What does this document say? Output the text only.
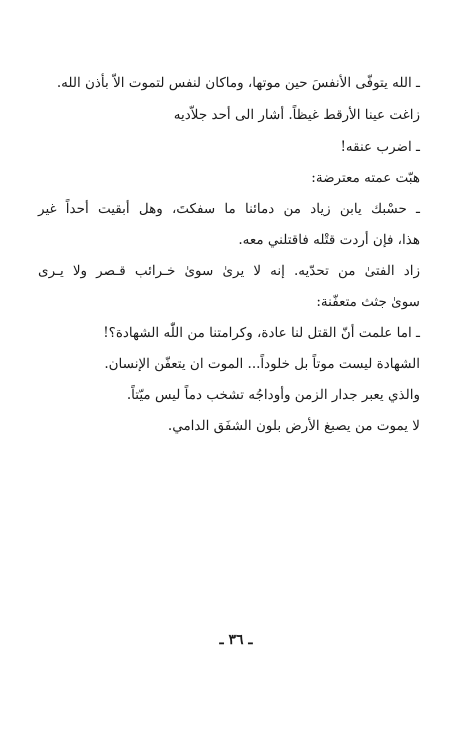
ـ الله يتوفّى الأنفسَ حين موتها، وماكان لنفس لتموت الاّ بأذن الله.
زاغت عينا الأرقط غيظاً. أشار الى أحد جلاّديه
ـ اضرب عنقه!
هبّت عمته معترضة:
ـ حسْبك يابن زياد من دمائنا ما سفكتَ، وهل أبقيت أحداً غير
هذا، فإن أردت قتْله فاقتلني معه.
زاد الفتىٰ من تحدّيه. إنه لا يرىٰ سوىٰ خـرائب قـصر ولا يـرى
سوىٰ جثث متعفّنة:
ـ اما علمت أنّ القتل لنا عادة، وكرامتنا من اللّٰه الشهادة؟!
الشهادة ليست موتاً بل خلوداً... الموت ان يتعفّن الإنسان.
والذي يعبر جدار الزمن وأوداجُه تشخب دماً ليس ميّتاً.
لا يموت من يصبغ الأرض بلون الشفَق الدامي.
ـ ٣٦ ـ
